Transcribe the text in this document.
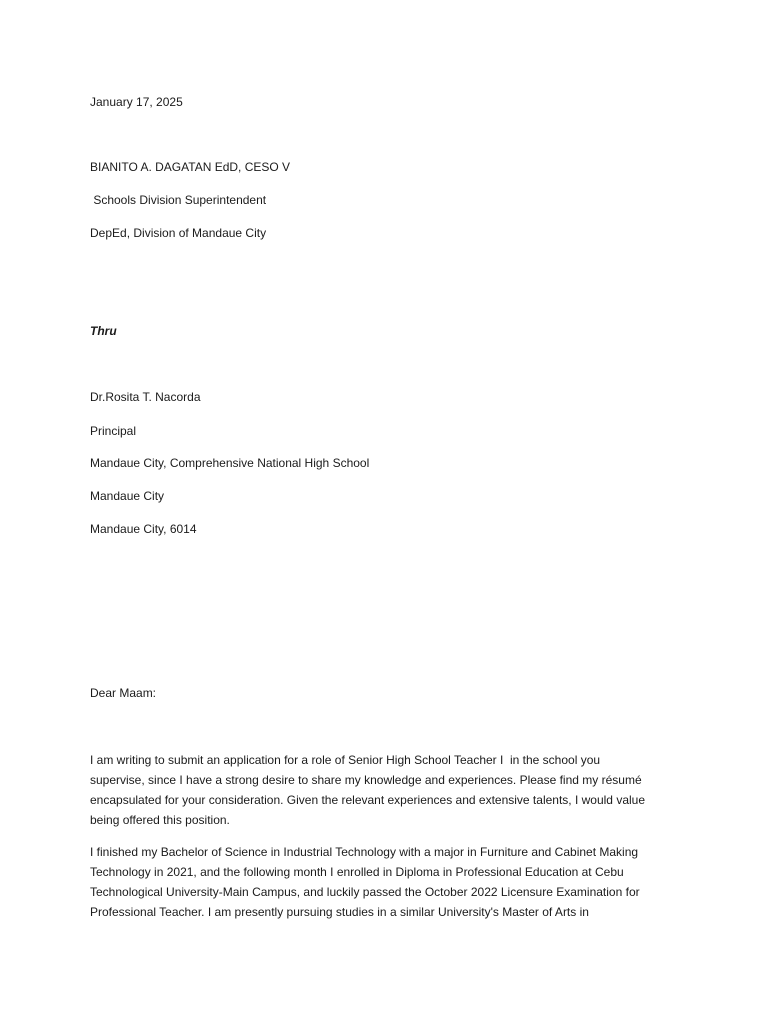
January 17, 2025
BIANITO A. DAGATAN EdD, CESO V
Schools Division Superintendent
DepEd, Division of Mandaue City
Thru
Dr.Rosita T. Nacorda
Principal
Mandaue City, Comprehensive National High School
Mandaue City
Mandaue City, 6014
Dear Maam:
I am writing to submit an application for a role of Senior High School Teacher I  in the school you
supervise, since I have a strong desire to share my knowledge and experiences. Please find my résumé
encapsulated for your consideration. Given the relevant experiences and extensive talents, I would value
being offered this position.
I finished my Bachelor of Science in Industrial Technology with a major in Furniture and Cabinet Making
Technology in 2021, and the following month I enrolled in Diploma in Professional Education at Cebu
Technological University-Main Campus, and luckily passed the October 2022 Licensure Examination for
Professional Teacher. I am presently pursuing studies in a similar University's Master of Arts in
